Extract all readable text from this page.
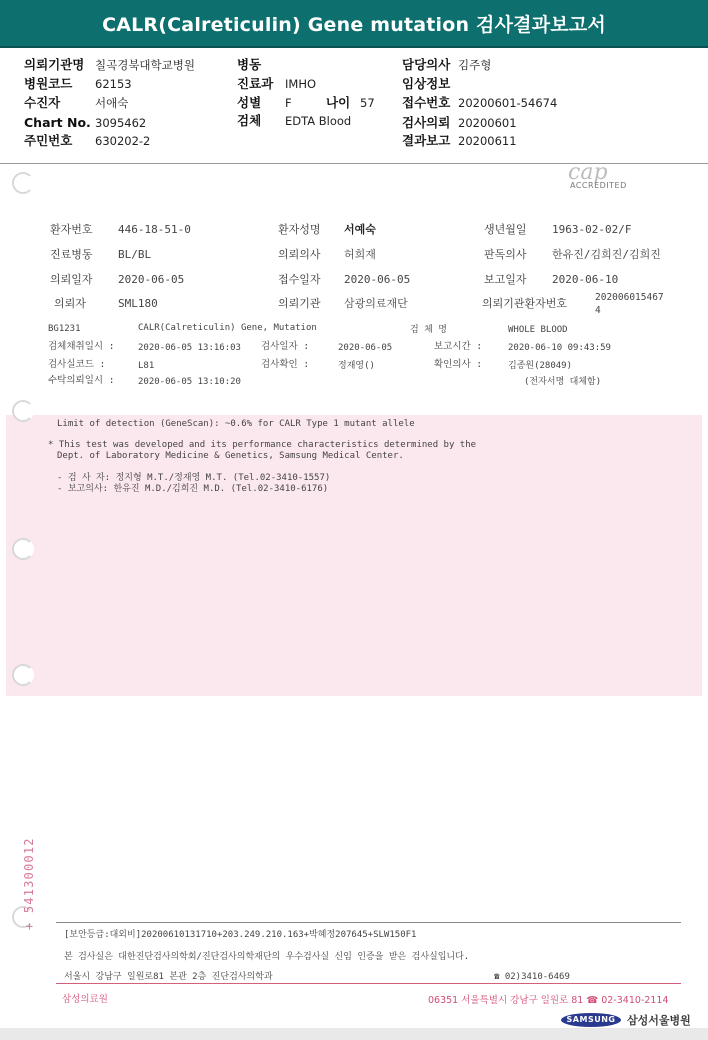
CALR(Calreticulin) Gene mutation 검사결과보고서
의뢰기관명 칠곡경북대학교병원	병동	담당의사 김주형
병원코드 62153	진료과 IMHO	임상정보
수진자	서애숙	성별 F	나이 57 접수번호 20200601-54674
Chart No. 3095462	검체 EDTA Blood	검사의뢰 20200601
주민번호 630202-2	결과보고 20200611
cap
ACCREDITED
환자번호 446-18-51-0	환자성명 서예숙	생년월일 1963-02-02/F
진료병동 BL/BL	의뢰의사 허희재	판독의사 한유진/김희진/김희진
의뢰일자 2020-06-05	접수일자 2020-06-05	보고일자 2020-06-10
의뢰자	SML180	의뢰기관 삼광의료재단	의뢰기관환자번호	202006015467
4
BG1231	CALR(Calreticulin) Gene, Mutation	검 체 명	WHOLE BLOOD
검체채취일시 :	2020-06-05 13:16:03 검사일자 :	2020-06-05	보고시간 :	2020-06-10 09:43:59
검사실코드 :	L81	검사확인 :	정재영()	확인의사 :	김종원(28049)
수탁의뢰일시 :	2020-06-05 13:10:20	(전자서명 대체함)
Limit of detection (GeneScan): ~0.6% for CALR Type 1 mutant allele
* This test was developed and its performance characteristics determined by the
Dept. of Laboratory Medicine & Genetics, Samsung Medical Center.
- 검 사 자: 정지형 M.T./정재영 M.T. (Tel.02-3410-1557)
- 보고의사: 한유진 M.D./김희진 M.D. (Tel.02-3410-6176)
+ 541300012
[보안등급:대외비]20200610131710+203.249.210.163+박혜정207645+SLW150F1
본 검사실은 대한진단검사의학회/진단검사의학재단의 우수검사실 신임 인증을 받은 검사실입니다.
서울시 강남구 일원로81 본관 2층 진단검사의학과	☎ 02)3410-6469
삼성의료원	06351 서울특별시 강남구 일원로 81 ☎ 02-3410-2114
SAMSUNG	삼성서울병원
